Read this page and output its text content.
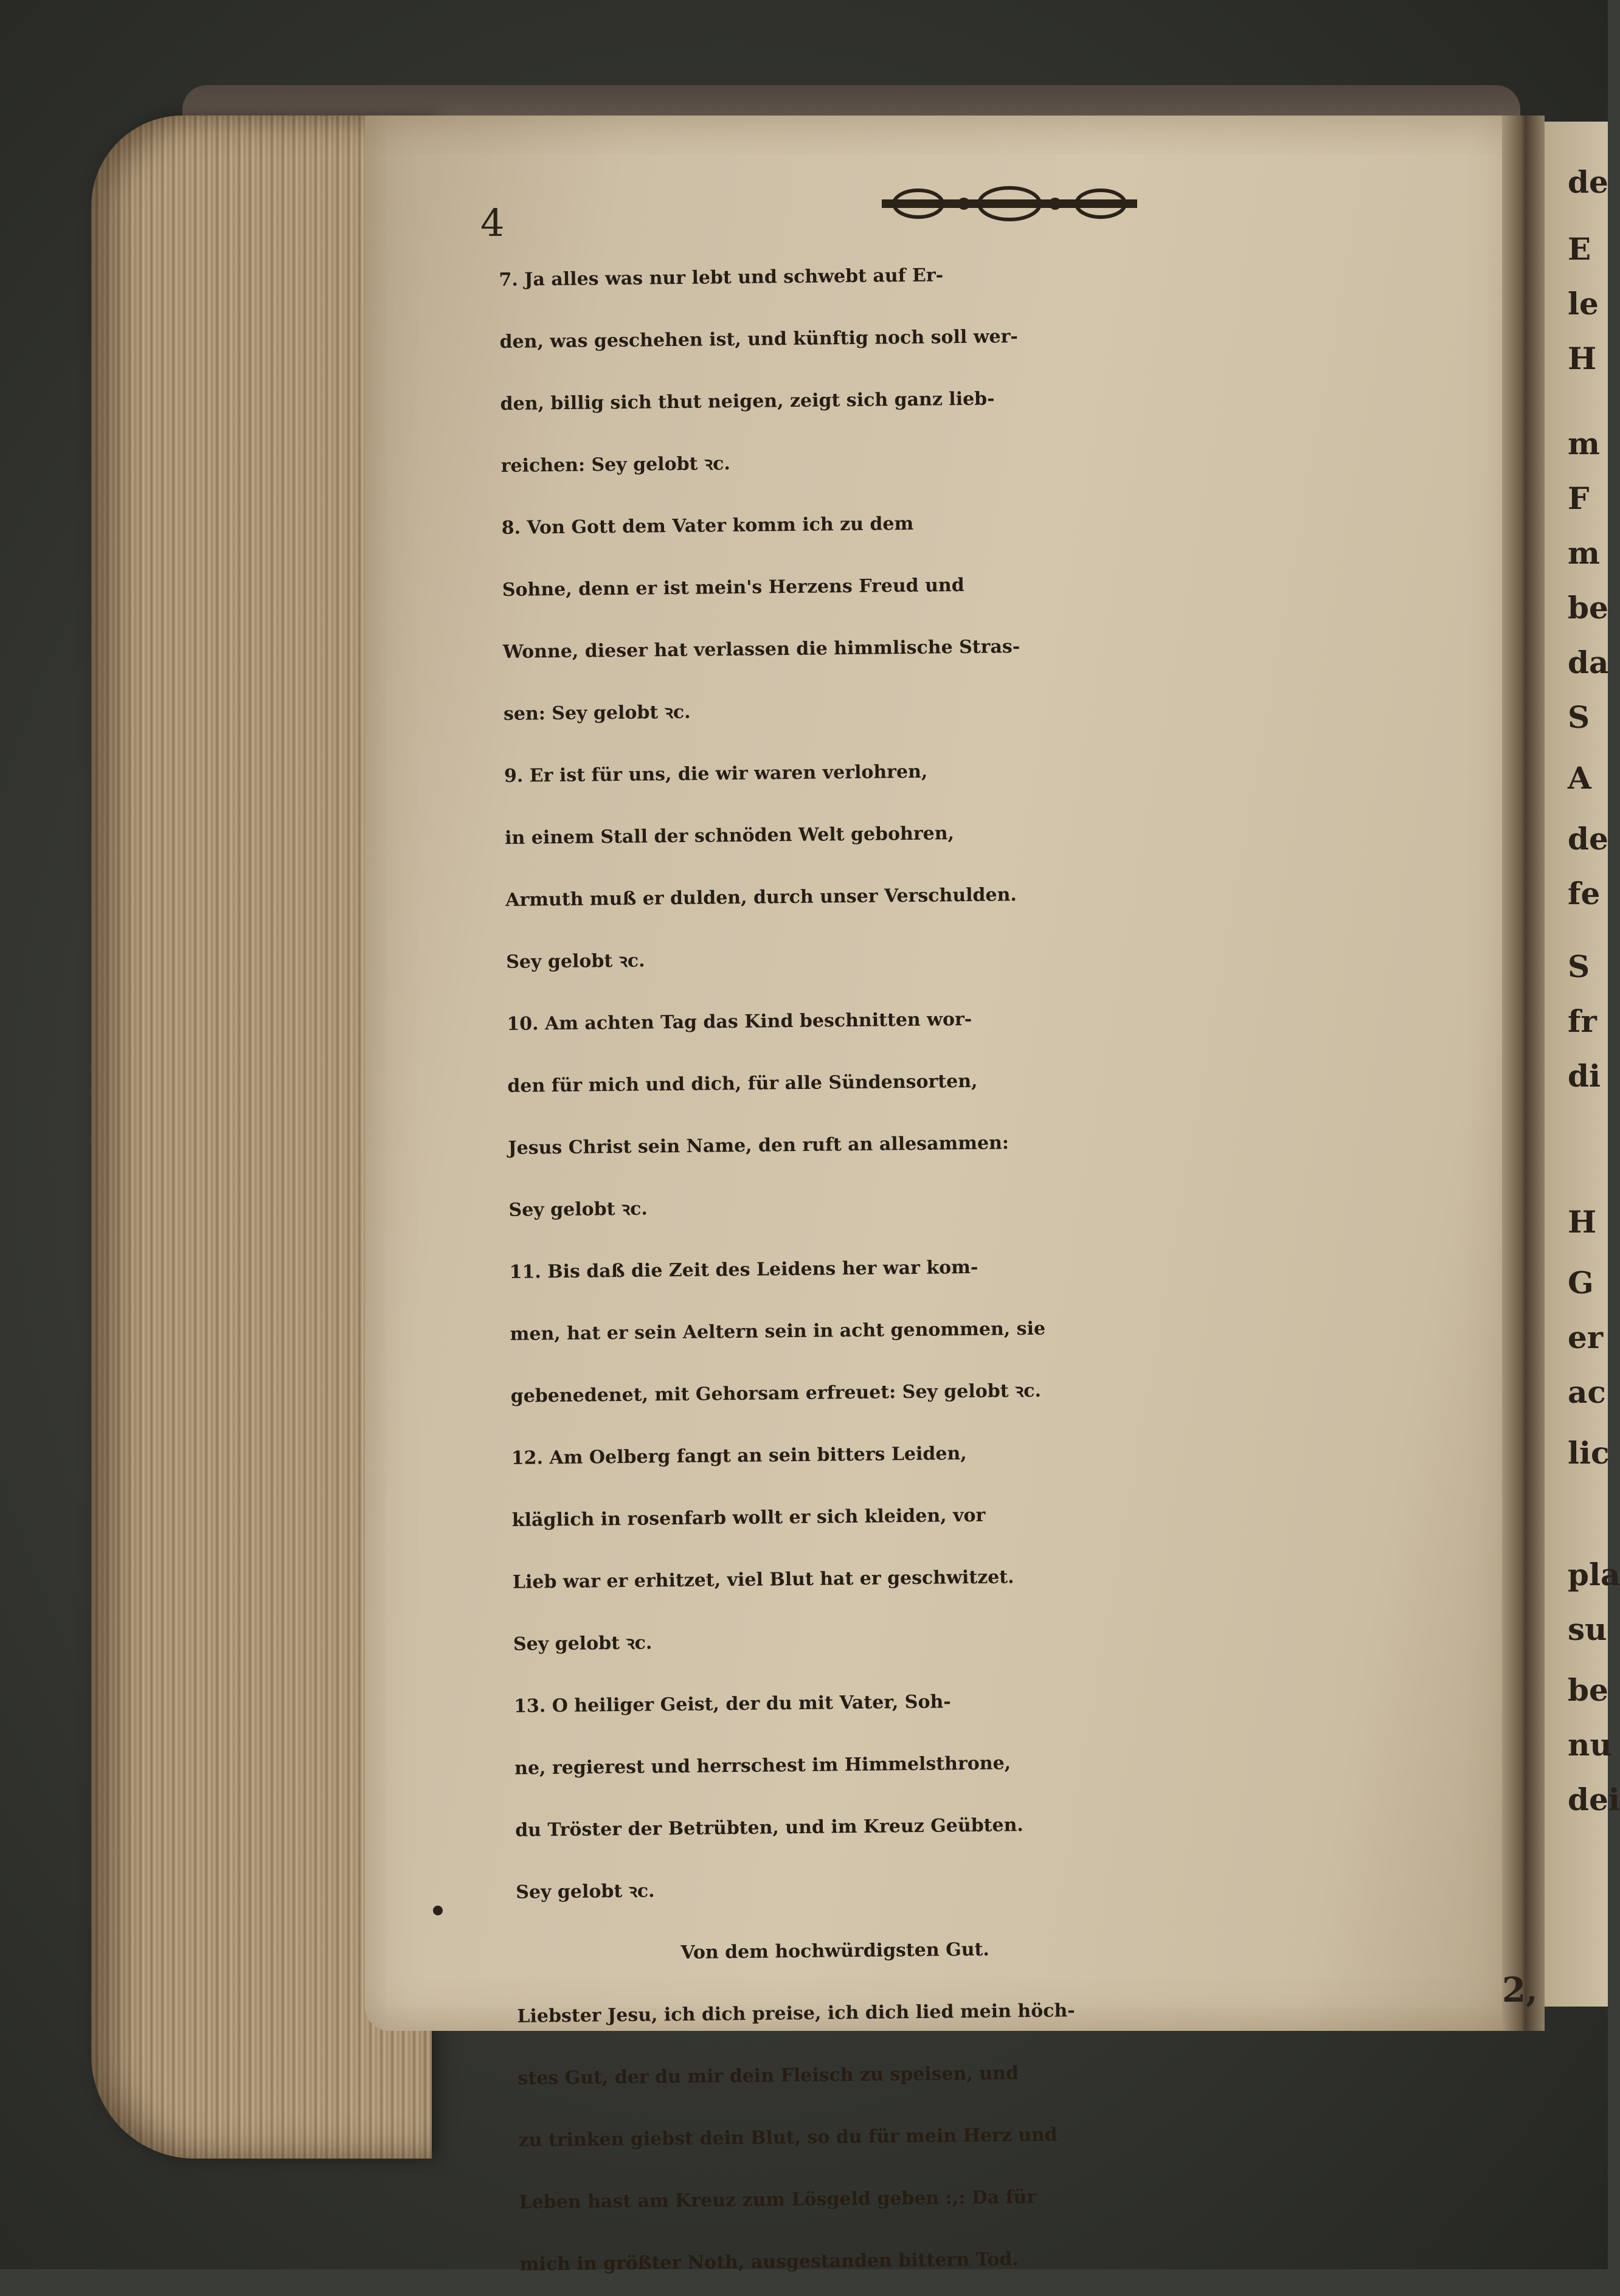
de
E
le
H
m
F
m
be
da
S
A
de
fe
S
fr
di
H
G
er
ac
lic
pla
su
be
nu
dei
4
7. Ja alles was nur lebt und schwebt auf Er-
den, was geschehen ist, und künftig noch soll wer-
den, billig sich thut neigen, zeigt sich ganz lieb-
reichen: Sey gelobt ꝛc.
8. Von Gott dem Vater komm ich zu dem
Sohne, denn er ist mein's Herzens Freud und
Wonne, dieser hat verlassen die himmlische Stras-
sen: Sey gelobt ꝛc.
9. Er ist für uns, die wir waren verlohren,
in einem Stall der schnöden Welt gebohren,
Armuth muß er dulden, durch unser Verschulden.
Sey gelobt ꝛc.
10. Am achten Tag das Kind beschnitten wor-
den für mich und dich, für alle Sündensorten,
Jesus Christ sein Name, den ruft an allesammen:
Sey gelobt ꝛc.
11. Bis daß die Zeit des Leidens her war kom-
men, hat er sein Aeltern sein in acht genommen, sie
gebenedenet, mit Gehorsam erfreuet: Sey gelobt ꝛc.
12. Am Oelberg fangt an sein bitters Leiden,
kläglich in rosenfarb wollt er sich kleiden, vor
Lieb war er erhitzet, viel Blut hat er geschwitzet.
Sey gelobt ꝛc.
13. O heiliger Geist, der du mit Vater, Soh-
ne, regierest und herrschest im Himmelsthrone,
du Tröster der Betrübten, und im Kreuz Geübten.
Sey gelobt ꝛc.
Von dem hochwürdigsten Gut.
Liebster Jesu, ich dich preise, ich dich lied mein höch-
stes Gut, der du mir dein Fleisch zu speisen, und
zu trinken giebst dein Blut, so du für mein Herz und
Leben hast am Kreuz zum Lösgeld geben :,: Da für
mich in größter Noth, ausgestanden bittern Tod.
2,
